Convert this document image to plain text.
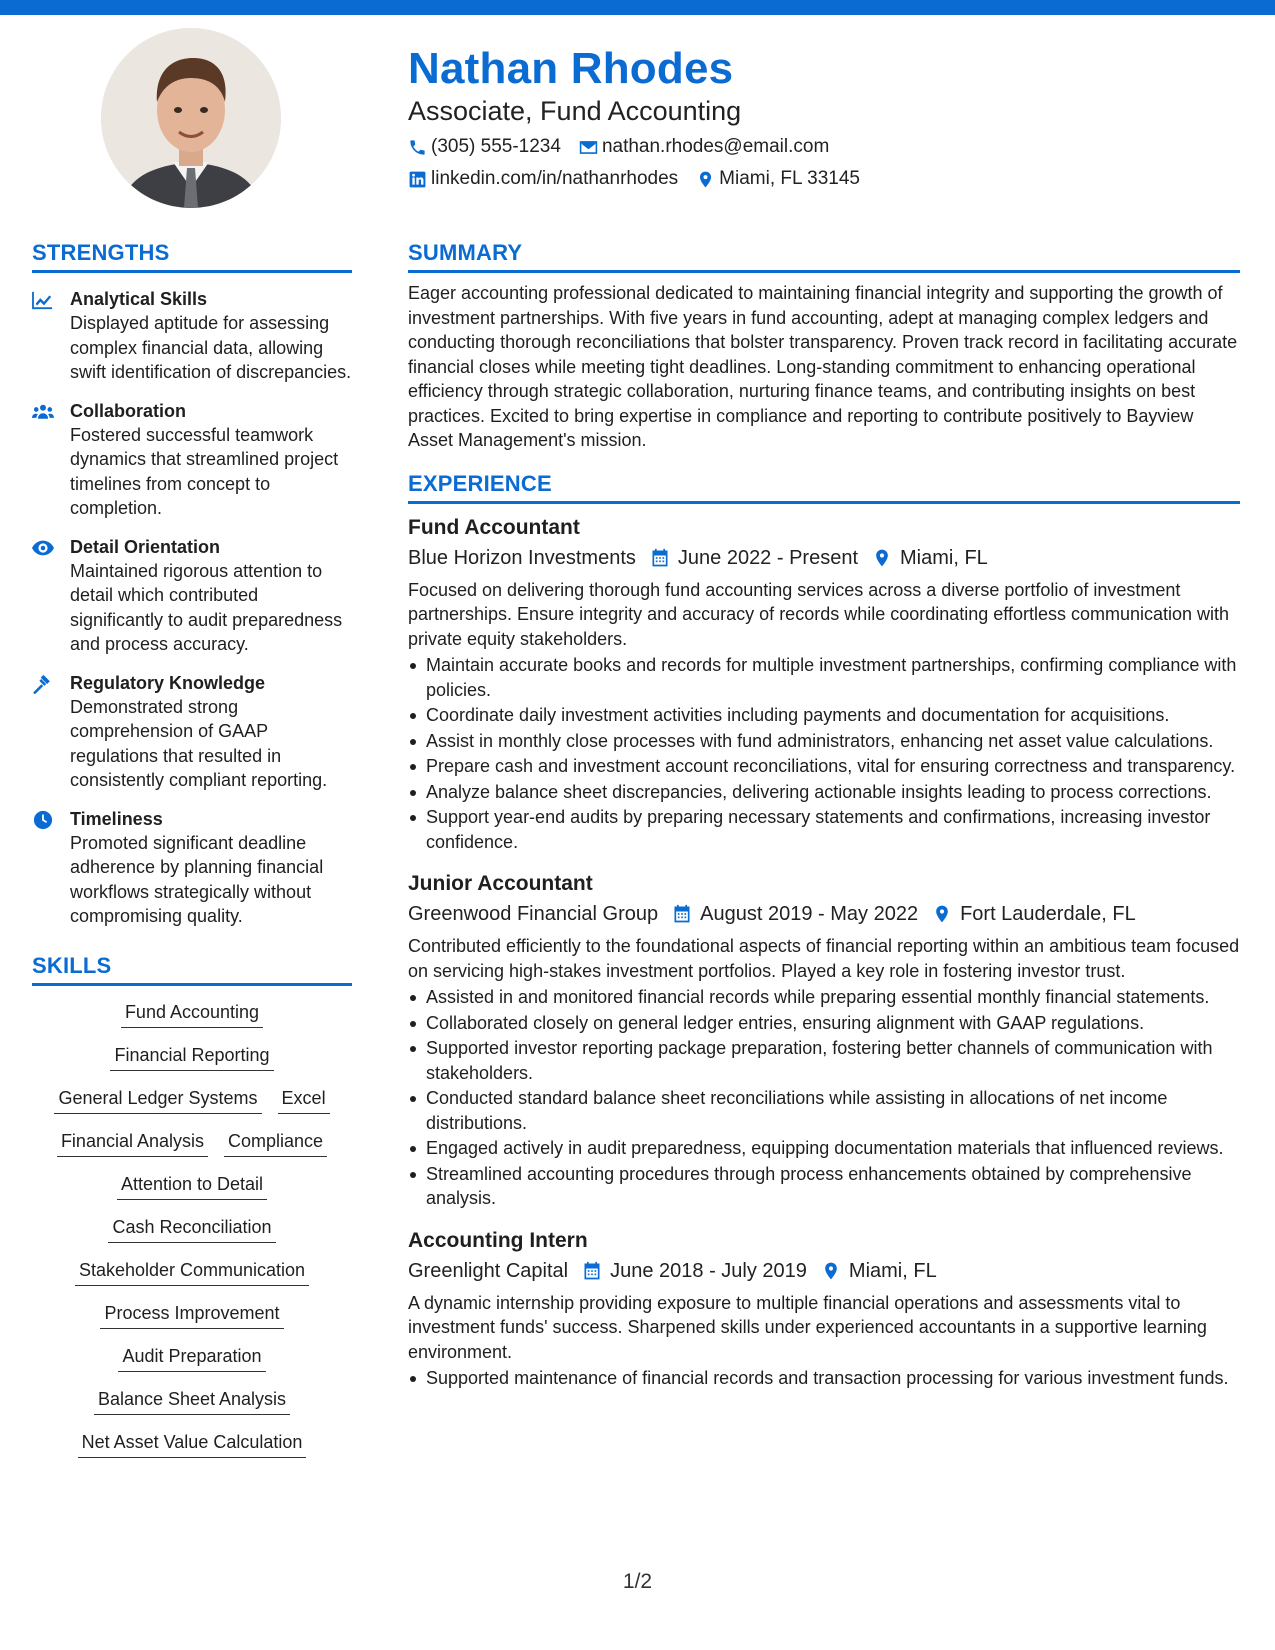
Nathan Rhodes
Associate, Fund Accounting
(305) 555-1234 nathan.rhodes@email.com
linkedin.com/in/nathanrhodes Miami, FL 33145
STRENGTHS
Analytical Skills
Displayed aptitude for assessing complex financial data, allowing swift identification of discrepancies.
Collaboration
Fostered successful teamwork dynamics that streamlined project timelines from concept to completion.
Detail Orientation
Maintained rigorous attention to detail which contributed significantly to audit preparedness and process accuracy.
Regulatory Knowledge
Demonstrated strong comprehension of GAAP regulations that resulted in consistently compliant reporting.
Timeliness
Promoted significant deadline adherence by planning financial workflows strategically without compromising quality.
SKILLS
Fund Accounting
Financial Reporting
General Ledger Systems Excel
Financial Analysis Compliance
Attention to Detail
Cash Reconciliation
Stakeholder Communication
Process Improvement
Audit Preparation
Balance Sheet Analysis
Net Asset Value Calculation
SUMMARY
Eager accounting professional dedicated to maintaining financial integrity and supporting the growth of investment partnerships. With five years in fund accounting, adept at managing complex ledgers and conducting thorough reconciliations that bolster transparency. Proven track record in facilitating accurate financial closes while meeting tight deadlines. Long-standing commitment to enhancing operational efficiency through strategic collaboration, nurturing finance teams, and contributing insights on best practices. Excited to bring expertise in compliance and reporting to contribute positively to Bayview Asset Management's mission.
EXPERIENCE
Fund Accountant
Blue Horizon Investments June 2022 - Present Miami, FL
Focused on delivering thorough fund accounting services across a diverse portfolio of investment partnerships. Ensure integrity and accuracy of records while coordinating effortless communication with private equity stakeholders.
Maintain accurate books and records for multiple investment partnerships, confirming compliance with policies.
Coordinate daily investment activities including payments and documentation for acquisitions.
Assist in monthly close processes with fund administrators, enhancing net asset value calculations.
Prepare cash and investment account reconciliations, vital for ensuring correctness and transparency.
Analyze balance sheet discrepancies, delivering actionable insights leading to process corrections.
Support year-end audits by preparing necessary statements and confirmations, increasing investor confidence.
Junior Accountant
Greenwood Financial Group August 2019 - May 2022 Fort Lauderdale, FL
Contributed efficiently to the foundational aspects of financial reporting within an ambitious team focused on servicing high-stakes investment portfolios. Played a key role in fostering investor trust.
Assisted in and monitored financial records while preparing essential monthly financial statements.
Collaborated closely on general ledger entries, ensuring alignment with GAAP regulations.
Supported investor reporting package preparation, fostering better channels of communication with stakeholders.
Conducted standard balance sheet reconciliations while assisting in allocations of net income distributions.
Engaged actively in audit preparedness, equipping documentation materials that influenced reviews.
Streamlined accounting procedures through process enhancements obtained by comprehensive analysis.
Accounting Intern
Greenlight Capital June 2018 - July 2019 Miami, FL
A dynamic internship providing exposure to multiple financial operations and assessments vital to investment funds' success. Sharpened skills under experienced accountants in a supportive learning environment.
Supported maintenance of financial records and transaction processing for various investment funds.
1/2
